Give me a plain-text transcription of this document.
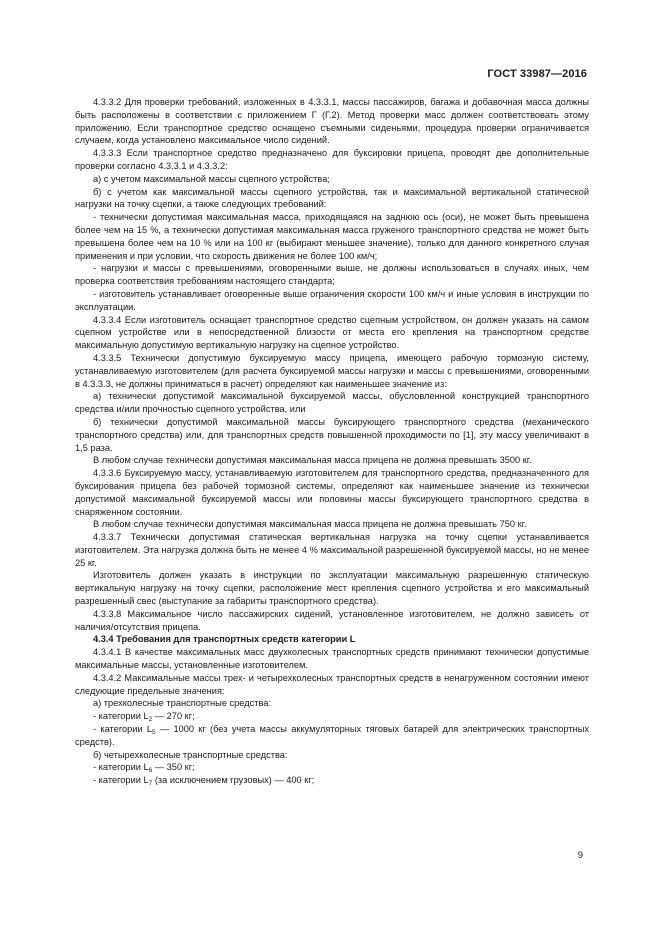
ГОСТ 33987—2016

4.3.3.2 Для проверки требований, изложенных в 4.3.3.1, массы пассажиров, багажа и добавочная масса должны быть расположены в соответствии с приложением Г (Г.2). Метод проверки масс должен соответствовать этому приложению. Если транспортное средство оснащено съемными сиденьями, процедура проверки ограничивается случаем, когда установлено максимальное число сидений.

4.3.3.3 Если транспортное средство предназначено для буксировки прицепа, проводят две дополнительные проверки согласно 4.3.3.1 и 4.3.3.2:

а) с учетом максимальной массы сцепного устройства;

б) с учетом как максимальной массы сцепного устройства, так и максимальной вертикальной статической нагрузки на точку сцепки, а также следующих требований:

- технически допустимая максимальная масса, приходящаяся на заднюю ось (оси), не может быть превышена более чем на 15 %, а технически допустимая максимальная масса груженого транспортного средства не может быть превышена более чем на 10 % или на 100 кг (выбирают меньшее значение), только для данного конкретного случая применения и при условии, что скорость движения не более 100 км/ч;

- нагрузки и массы с превышениями, оговоренными выше, не должны использоваться в случаях иных, чем проверка соответствия требованиям настоящего стандарта;

- изготовитель устанавливает оговоренные выше ограничения скорости 100 км/ч и иные условия в инструкции по эксплуатации.

4.3.3.4 Если изготовитель оснащает транспортное средство сцепным устройством, он должен указать на самом сцепном устройстве или в непосредственной близости от места его крепления на транспортном средстве максимальную допустимую вертикальную нагрузку на сцепное устройство.

4.3.3.5 Технически допустимую буксируемую массу прицепа, имеющего рабочую тормозную систему, устанавливаемую изготовителем (для расчета буксируемой массы нагрузки и массы с превышениями, оговоренными в 4.3.3.3, не должны приниматься в расчет) определяют как наименьшее значение из:

а) технически допустимой максимальной буксируемой массы, обусловленной конструкцией транспортного средства и/или прочностью сцепного устройства, или

б) технически допустимой максимальной массы буксирующего транспортного средства (механического транспортного средства) или, для транспортных средств повышенной проходимости по [1], эту массу увеличивают в 1,5 раза.

В любом случае технически допустимая максимальная масса прицепа не должна превышать 3500 кг.

4.3.3.6 Буксируемую массу, устанавливаемую изготовителем для транспортного средства, предназначенного для буксирования прицепа без рабочей тормозной системы, определяют как наименьшее значение из технически допустимой максимальной буксируемой массы или половины массы буксирующего транспортного средства в снаряженном состоянии.

В любом случае технически допустимая максимальная масса прицепа не должна превышать 750 кг.

4.3.3.7 Технически допустимая статическая вертикальная нагрузка на точку сцепки устанавливается изготовителем. Эта нагрузка должна быть не менее 4 % максимальной разрешенной буксируемой массы, но не менее 25 кг.

Изготовитель должен указать в инструкции по эксплуатации максимальную разрешенную статическую вертикальную нагрузку на точку сцепки, расположение мест крепления сцепного устройства и его максимальный разрешенный свес (выступание за габариты транспортного средства).

4.3.3.8 Максимальное число пассажирских сидений, установленное изготовителем, не должно зависеть от наличия/отсутствия прицепа.

4.3.4 Требования для транспортных средств категории L

4.3.4.1 В качестве максимальных масс двухколесных транспортных средств принимают технически допустимые максимальные массы, установленные изготовителем.

4.3.4.2 Максимальные массы трех- и четырехколесных транспортных средств в ненагруженном состоянии имеют следующие предельные значения:

а) трехколесные транспортные средства:

- категории $L_2$ — 270 кг;

- категории $L_5$ — 1000 кг (без учета массы аккумуляторных тяговых батарей для электрических транспортных средств).

б) четырехколесные транспортные средства:

- категории $L_6$ — 350 кг;

- категории $L_7$ (за исключением грузовых) — 400 кг;

9
